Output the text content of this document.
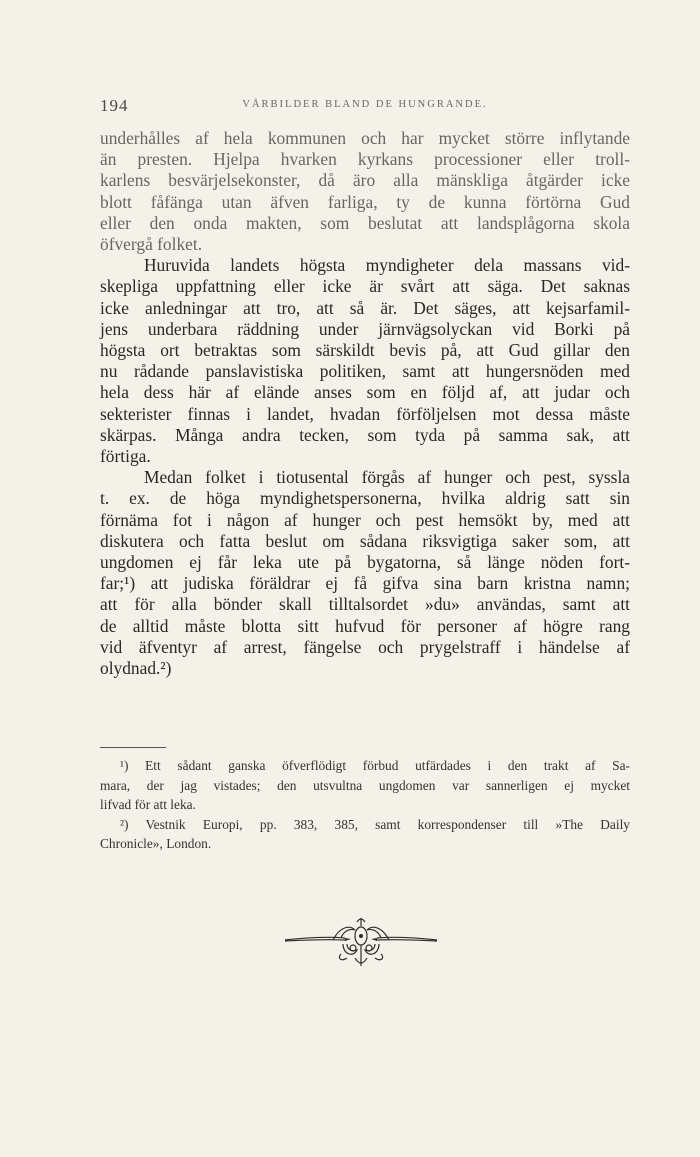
194	VÅRBILDER BLAND DE HUNGRANDE.

underhålles af hela kommunen och har mycket större inflytande
än presten. Hjelpa hvarken kyrkans processioner eller troll-
karlens besvärjelsekonster, då äro alla mänskliga åtgärder icke
blott fåfänga utan äfven farliga, ty de kunna förtörna Gud
eller den onda makten, som beslutat att landsplågorna skola
öfvergå folket.

Huruvida landets högsta myndigheter dela massans vid-
skepliga uppfattning eller icke är svårt att säga. Det saknas
icke anledningar att tro, att så är. Det säges, att kejsarfamil-
jens underbara räddning under järnvägsolyckan vid Borki på
högsta ort betraktas som särskildt bevis på, att Gud gillar den
nu rådande panslavistiska politiken, samt att hungersnöden med
hela dess här af elände anses som en följd af, att judar och
sekterister finnas i landet, hvadan förföljelsen mot dessa måste
skärpas. Många andra tecken, som tyda på samma sak, att
förtiga.

Medan folket i tiotusental förgås af hunger och pest, syssla
t. ex. de höga myndighetspersonerna, hvilka aldrig satt sin
förnäma fot i någon af hunger och pest hemsökt by, med att
diskutera och fatta beslut om sådana riksvigtiga saker som, att
ungdomen ej får leka ute på bygatorna, så länge nöden fort-
far;¹) att judiska föräldrar ej få gifva sina barn kristna namn;
att för alla bönder skall tilltalsordet »du» användas, samt att
de alltid måste blotta sitt hufvud för personer af högre rang
vid äfventyr af arrest, fängelse och prygelstraff i händelse af
olydnad.²)

¹) Ett sådant ganska öfverflödigt förbud utfärdades i den trakt af Sa-
mara, der jag vistades; den utsvultna ungdomen var sannerligen ej mycket
lifvad för att leka.

²) Vestnik Europi, pp. 383, 385, samt korrespondenser till »The Daily
Chronicle», London.
